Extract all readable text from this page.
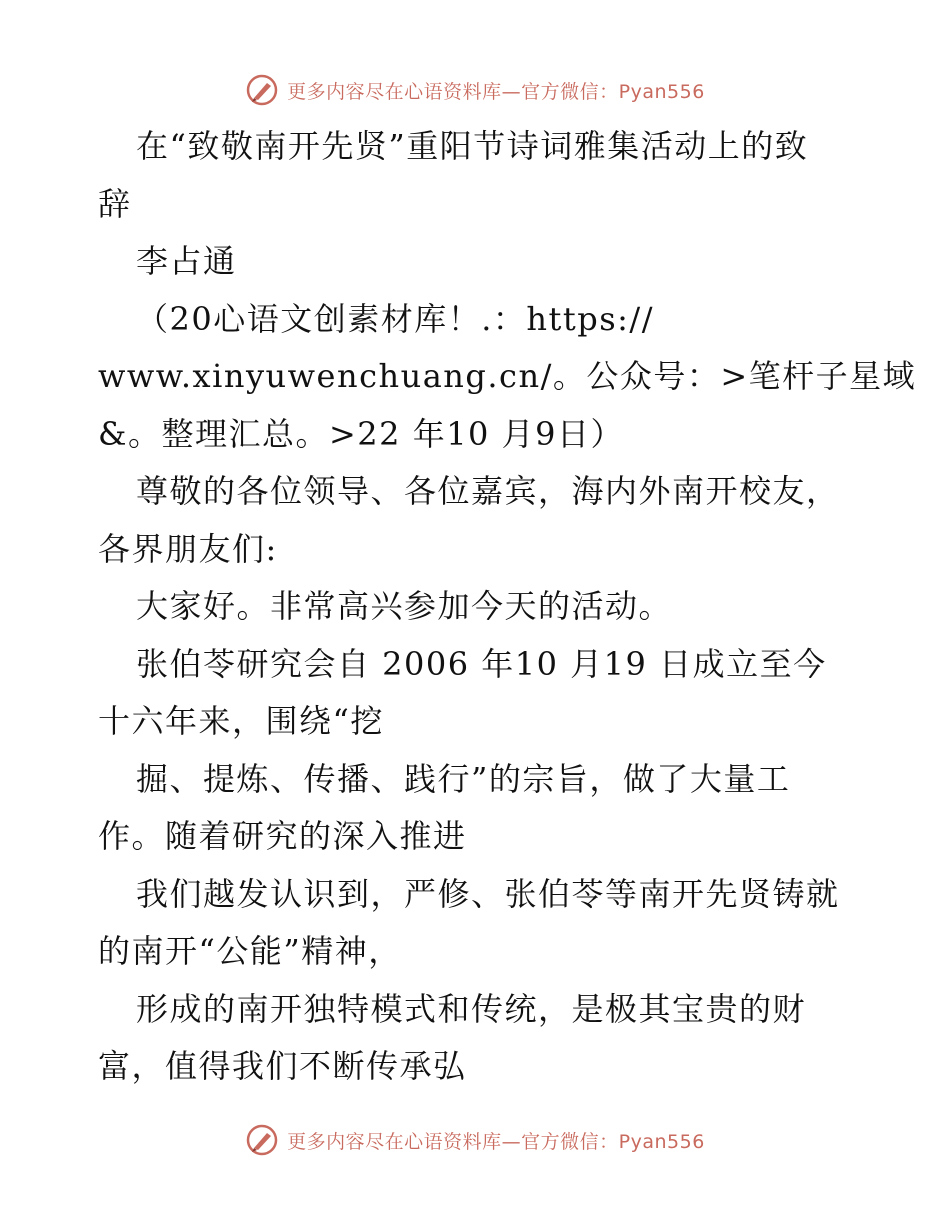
更多内容尽在心语资料库—官方微信：Pyan556
在“致敬南开先贤”重阳节诗词雅集活动上的致
辞
李占通
（20心语文创素材库！.：https://
www.xinyuwenchuang.cn/。公众号：>笔杆子星域
&。整理汇总。>22 年10 月9日）
尊敬的各位领导、各位嘉宾，海内外南开校友，
各界朋友们:
大家好。非常高兴参加今天的活动。
张伯苓研究会自 2006 年10 月19 日成立至今
十六年来，围绕“挖
掘、提炼、传播、践行”的宗旨，做了大量工
作。随着研究的深入推进
我们越发认识到，严修、张伯苓等南开先贤铸就
的南开“公能”精神，
形成的南开独特模式和传统，是极其宝贵的财
富，值得我们不断传承弘
更多内容尽在心语资料库—官方微信：Pyan556
